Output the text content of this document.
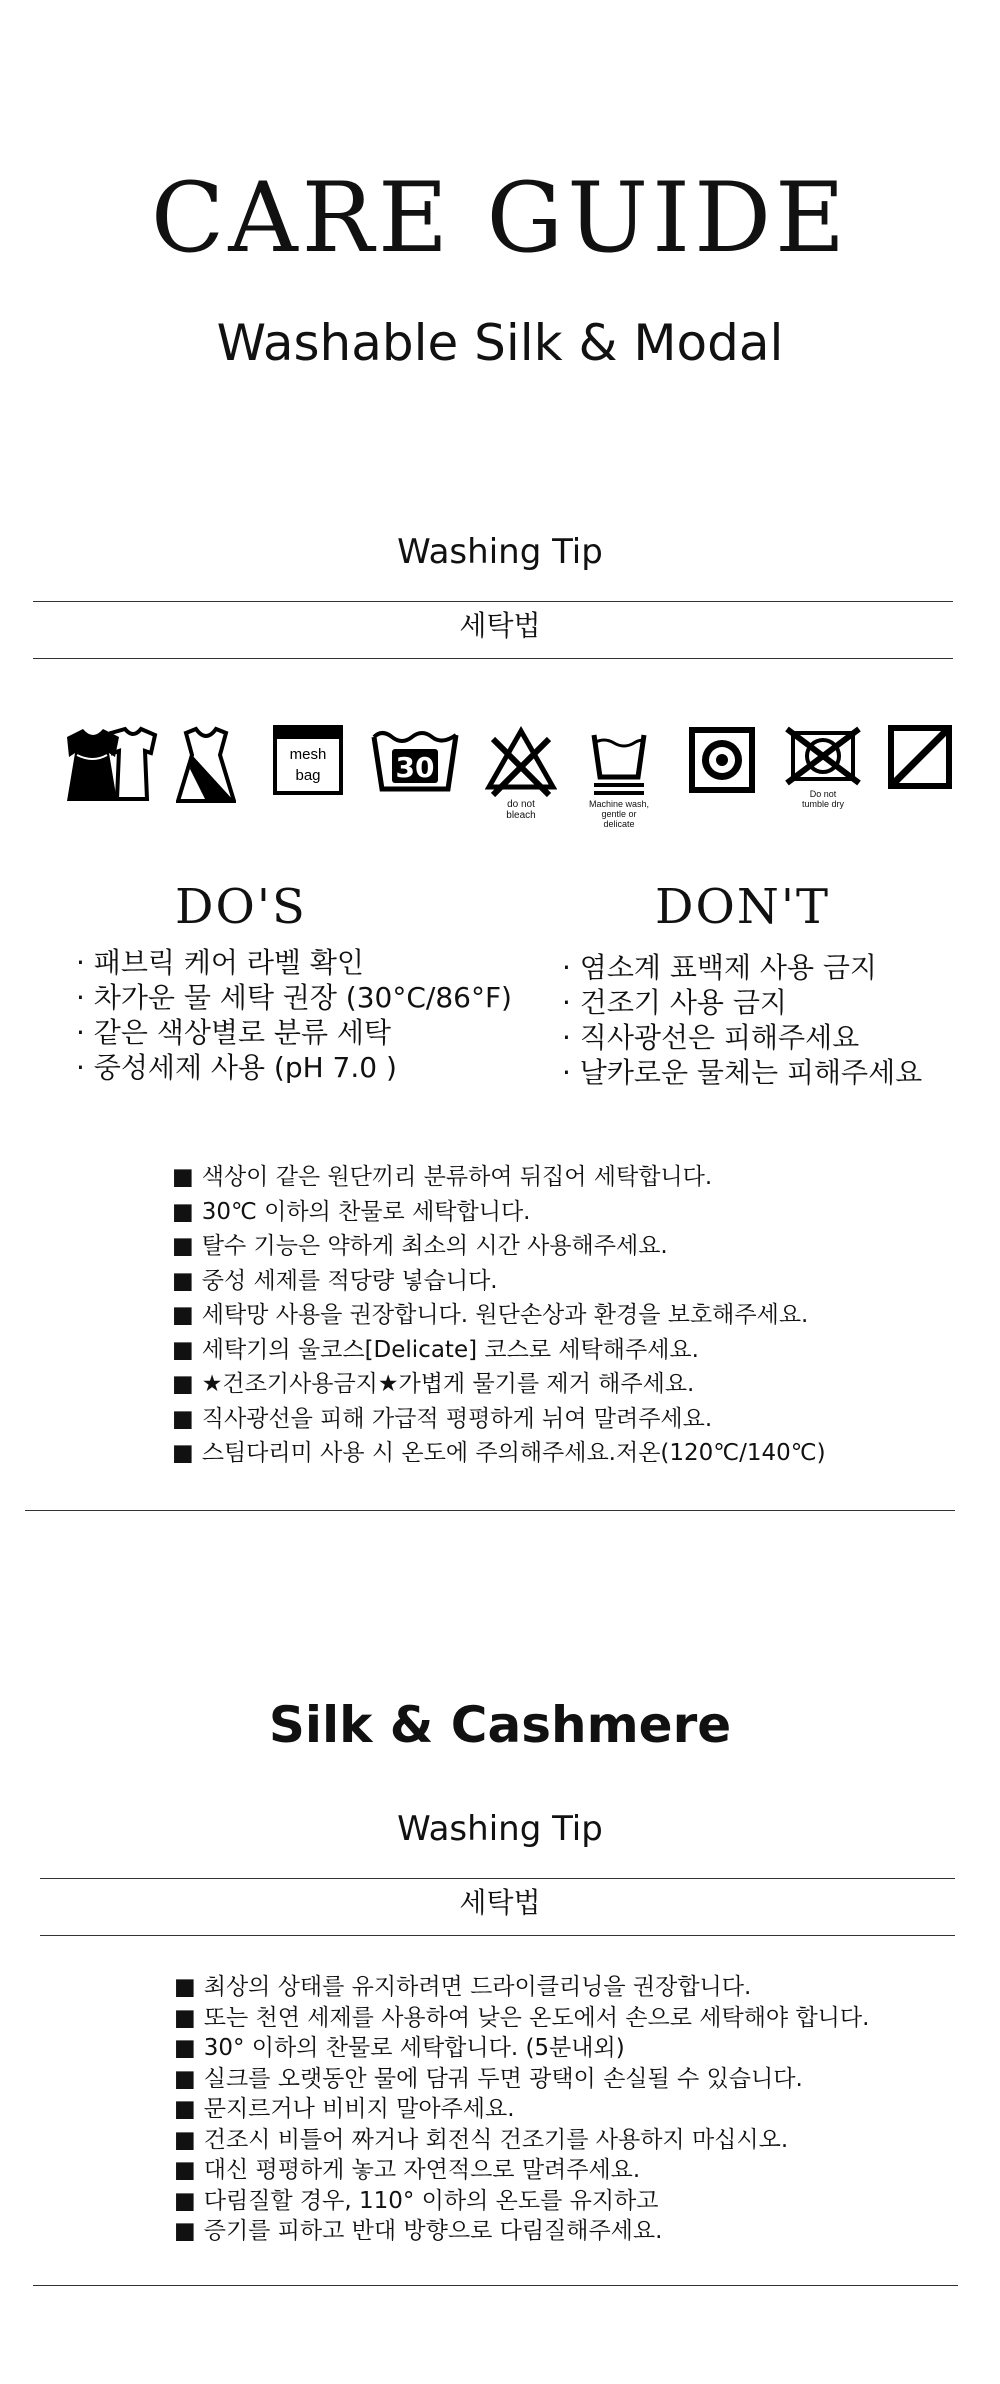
CARE GUIDE
Washable Silk & Modal
Washing Tip
세탁법
mesh
bag	30
do not
bleach
Machine wash,
gentle or
delicate
Do not
tumble dry
DO'S	DON'T
· 패브릭 케어 라벨 확인
· 차가운 물 세탁 권장 (30°C/86°F)
· 같은 색상별로 분류 세탁
· 중성세제 사용 (pH 7.0 )
· 염소계 표백제 사용 금지
· 건조기 사용 금지
· 직사광선은 피해주세요
· 날카로운 물체는 피해주세요
■ 색상이 같은 원단끼리 분류하여 뒤집어 세탁합니다.
■ 30℃ 이하의 찬물로 세탁합니다.
■ 탈수 기능은 약하게 최소의 시간 사용해주세요.
■ 중성 세제를 적당량 넣습니다.
■ 세탁망 사용을 권장합니다. 원단손상과 환경을 보호해주세요.
■ 세탁기의 울코스[Delicate] 코스로 세탁해주세요.
■ ★건조기사용금지★가볍게 물기를 제거 해주세요.
■ 직사광선을 피해 가급적 평평하게 뉘여 말려주세요.
■ 스팀다리미 사용 시 온도에 주의해주세요.저온(120℃/140℃)
Silk & Cashmere
Washing Tip
세탁법
■ 최상의 상태를 유지하려면 드라이클리닝을 권장합니다.
■ 또는 천연 세제를 사용하여 낮은 온도에서 손으로 세탁해야 합니다.
■ 30° 이하의 찬물로 세탁합니다. (5분내외)
■ 실크를 오랫동안 물에 담궈 두면 광택이 손실될 수 있습니다.
■ 문지르거나 비비지 말아주세요.
■ 건조시 비틀어 짜거나 회전식 건조기를 사용하지 마십시오.
■ 대신 평평하게 놓고 자연적으로 말려주세요.
■ 다림질할 경우, 110° 이하의 온도를 유지하고
■ 증기를 피하고 반대 방향으로 다림질해주세요.
